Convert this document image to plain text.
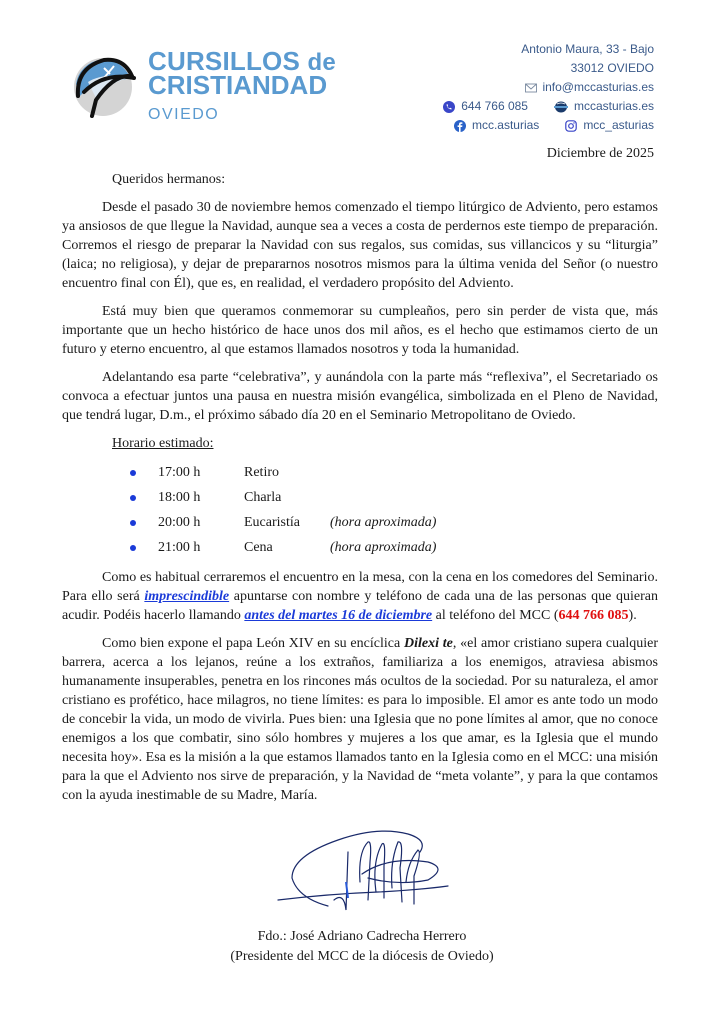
CURSILLOS de
CRISTIANDAD
OVIEDO
Antonio Maura, 33 - Bajo
33012 OVIEDO
info@mccasturias.es
644 766 085	mccasturias.es
mcc.asturias	mcc_asturias
Diciembre de 2025

Queridos hermanos:

Desde el pasado 30 de noviembre hemos comenzado el tiempo litúrgico de Adviento, pero estamos ya ansiosos de que llegue la Navidad, aunque sea a veces a costa de perdernos este tiempo de preparación. Corremos el riesgo de preparar la Navidad con sus regalos, sus comidas, sus villancicos y su “liturgia” (laica; no religiosa), y dejar de prepararnos nosotros mismos para la última venida del Señor (o nuestro encuentro final con Él), que es, en realidad, el verdadero propósito del Adviento.

Está muy bien que queramos conmemorar su cumpleaños, pero sin perder de vista que, más importante que un hecho histórico de hace unos dos mil años, es el hecho que estimamos cierto de un futuro y eterno encuentro, al que estamos llamados nosotros y toda la humanidad.

Adelantando esa parte “celebrativa”, y aunándola con la parte más “reflexiva”, el Secretariado os convoca a efectuar juntos una pausa en nuestra misión evangélica, simbolizada en el Pleno de Navidad, que tendrá lugar, D.m., el próximo sábado día 20 en el Seminario Metropolitano de Oviedo.

Horario estimado:
17:00 h	Retiro
18:00 h	Charla
20:00 h	Eucaristía	(hora aproximada)
21:00 h	Cena	(hora aproximada)

Como es habitual cerraremos el encuentro en la mesa, con la cena en los comedores del Seminario. Para ello será imprescindible apuntarse con nombre y teléfono de cada una de las personas que quieran acudir. Podéis hacerlo llamando antes del martes 16 de diciembre al teléfono del MCC (644 766 085).

Como bien expone el papa León XIV en su encíclica Dilexi te, «el amor cristiano supera cualquier barrera, acerca a los lejanos, reúne a los extraños, familiariza a los enemigos, atraviesa abismos humanamente insuperables, penetra en los rincones más ocultos de la sociedad. Por su naturaleza, el amor cristiano es profético, hace milagros, no tiene límites: es para lo imposible. El amor es ante todo un modo de concebir la vida, un modo de vivirla. Pues bien: una Iglesia que no pone límites al amor, que no conoce enemigos a los que combatir, sino sólo hombres y mujeres a los que amar, es la Iglesia que el mundo necesita hoy». Esa es la misión a la que estamos llamados tanto en la Iglesia como en el MCC: una misión para la que el Adviento nos sirve de preparación, y la Navidad de “meta volante”, y para la que contamos con la ayuda inestimable de su Madre, María.

Fdo.: José Adriano Cadrecha Herrero
(Presidente del MCC de la diócesis de Oviedo)
